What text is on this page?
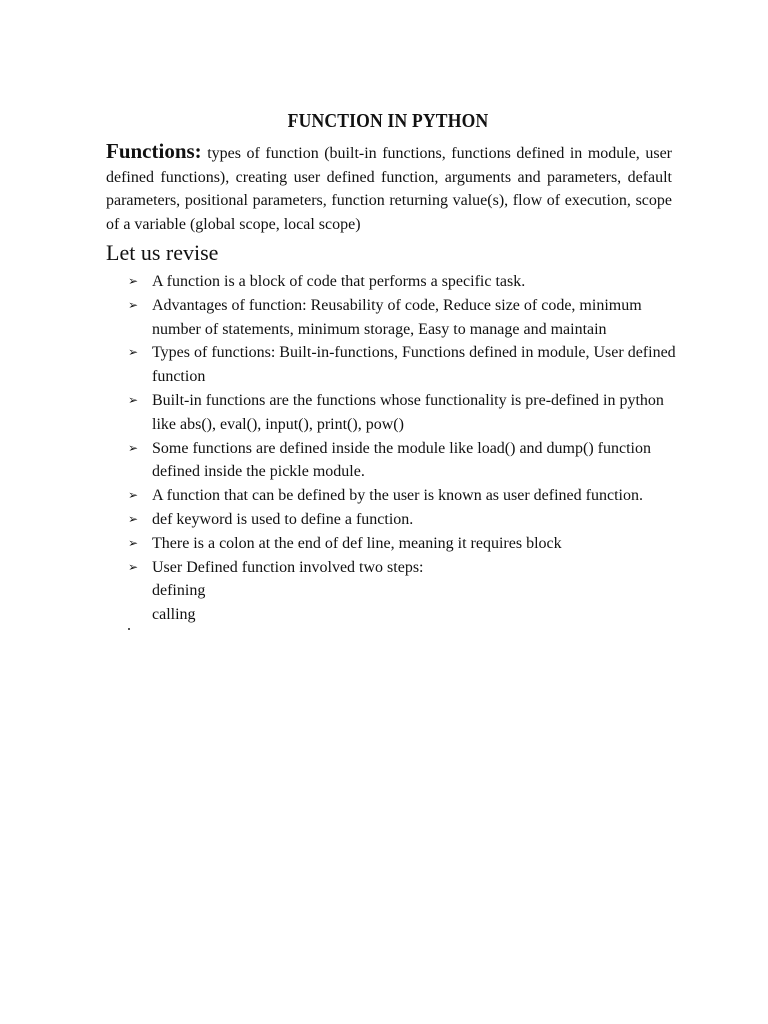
FUNCTION IN PYTHON
Functions: types of function (built-in functions, functions defined in module, user defined functions), creating user defined function, arguments and parameters, default parameters, positional parameters, function returning value(s), flow of execution, scope of a variable (global scope, local scope)
Let us revise
➢ A function is a block of code that performs a specific task.
➢ Advantages of function: Reusability of code, Reduce size of code, minimum number of statements, minimum storage, Easy to manage and maintain
➢ Types of functions: Built-in-functions, Functions defined in module, User defined function
➢ Built-in functions are the functions whose functionality is pre-defined in python like abs(), eval(), input(), print(), pow()
➢ Some functions are defined inside the module like load() and dump() function defined inside the pickle module.
➢ A function that can be defined by the user is known as user defined function.
➢ def keyword is used to define a function.
➢ There is a colon at the end of def line, meaning it requires block
➢ User Defined function involved two steps:
defining
calling
